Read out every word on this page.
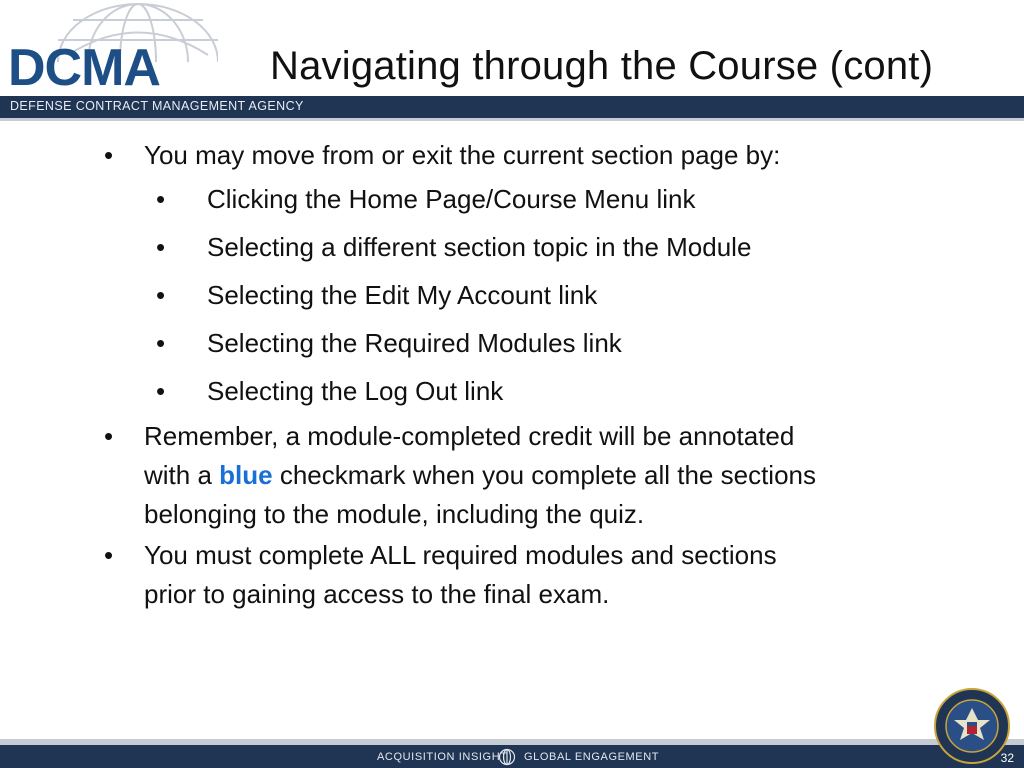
DCMA	Navigating through the Course (cont)
DEFENSE CONTRACT MANAGEMENT AGENCY
• You may move from or exit the current section page by:
• Clicking the Home Page/Course Menu link
• Selecting a different section topic in the Module
• Selecting the Edit My Account link
• Selecting the Required Modules link
• Selecting the Log Out link
• Remember, a module-completed credit will be annotated
with a blue checkmark when you complete all the sections
belonging to the module, including the quiz.
• You must complete ALL required modules and sections
prior to gaining access to the final exam.
ACQUISITION INSIGHT GLOBAL ENGAGEMENT	32
